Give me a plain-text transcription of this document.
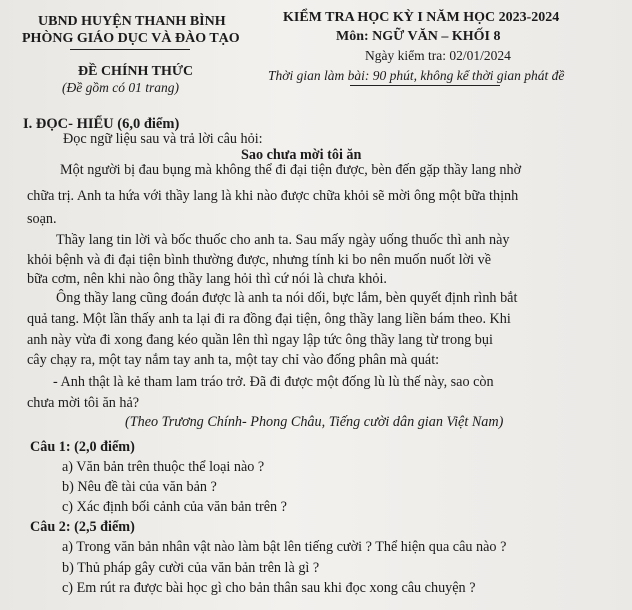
UBND HUYỆN THANH BÌNH
PHÒNG GIÁO DỤC VÀ ĐÀO TẠO
ĐỀ CHÍNH THỨC
(Đề gồm có 01 trang)
KIỂM TRA HỌC KỲ I NĂM HỌC 2023-2024
Môn: NGỮ VĂN – KHỐI 8
Ngày kiểm tra: 02/01/2024
Thời gian làm bài: 90 phút, không kể thời gian phát đề
I. ĐỌC- HIỂU (6,0 điểm)
Đọc ngữ liệu sau và trả lời câu hỏi:
Sao chưa mời tôi ăn
Một người bị đau bụng mà không thể đi đại tiện được, bèn đến gặp thầy lang nhờ
chữa trị. Anh ta hứa với thầy lang là khi nào được chữa khỏi sẽ mời ông một bữa thịnh
soạn.
Thầy lang tin lời và bốc thuốc cho anh ta. Sau mấy ngày uống thuốc thì anh này
khỏi bệnh và đi đại tiện bình thường được, nhưng tính ki bo nên muốn nuốt lời về
bữa cơm, nên khi nào ông thầy lang hỏi thì cứ nói là chưa khỏi.
Ông thầy lang cũng đoán được là anh ta nói dối, bực lắm, bèn quyết định rình bắt
quả tang. Một lần thấy anh ta lại đi ra đồng đại tiện, ông thầy lang liền bám theo. Khi
anh này vừa đi xong đang kéo quần lên thì ngay lập tức ông thầy lang từ trong bụi
cây chạy ra, một tay nắm tay anh ta, một tay chỉ vào đống phân mà quát:
- Anh thật là kẻ tham lam tráo trở. Đã đi được một đống lù lù thế này, sao còn
chưa mời tôi ăn hả?
(Theo Trương Chính- Phong Châu, Tiếng cười dân gian Việt Nam)
Câu 1: (2,0 điểm)
a) Văn bản trên thuộc thể loại nào ?
b) Nêu đề tài của văn bản ?
c) Xác định bối cảnh của văn bản trên ?
Câu 2: (2,5 điểm)
a) Trong văn bản nhân vật nào làm bật lên tiếng cười ? Thể hiện qua câu nào ?
b) Thủ pháp gây cười của văn bản trên là gì ?
c) Em rút ra được bài học gì cho bản thân sau khi đọc xong câu chuyện ?
